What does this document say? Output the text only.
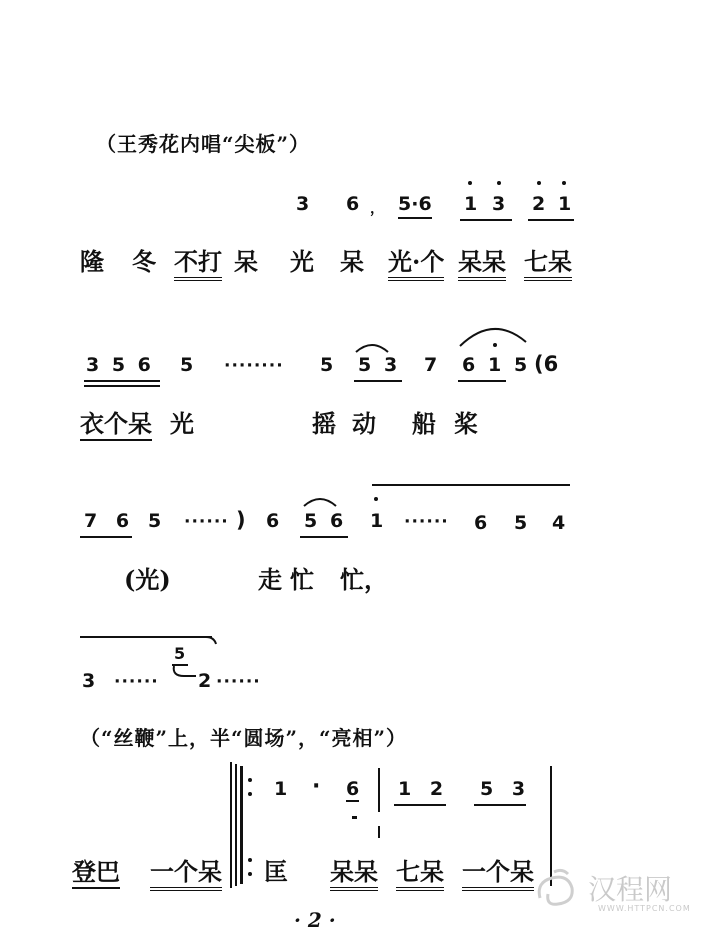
（王秀花内唱“尖板”）
3 6 ， 5·6 1 3 2 1
隆 冬 不打 呆 光 呆 光·个 呆呆 七呆
3 5 6 5 ········ 5 5 3 7 6 1 5 (6
衣个呆 光	摇 动 船 桨
7 6 5 ······ ) 6 5 6 1 ······ 6 5 4
(光)	走 忙 忙，
3 ······
5
2 ······
（“丝鞭”上，半“圆场”，“亮相”）
1 · 6 1 2 5 3
登巴 一个呆 匡 呆呆 七呆 一个呆
· 2 ·
汉程网
WWW.HTTPCN.COM
